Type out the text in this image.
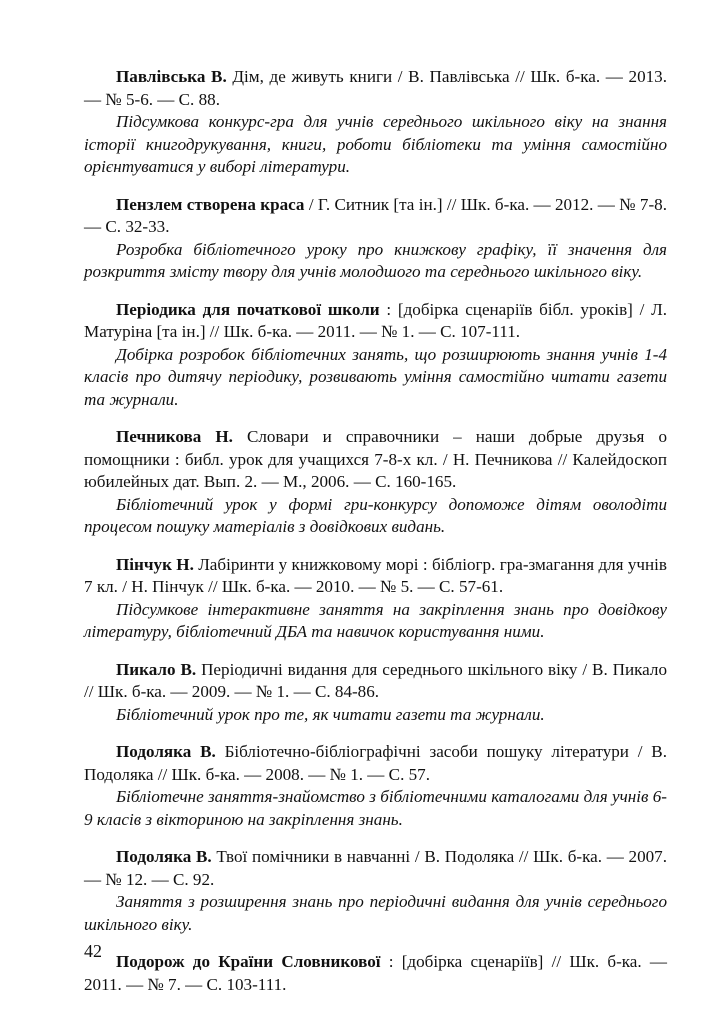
Павлівська В. Дім, де живуть книги / В. Павлівська // Шк. б-ка. — 2013. — № 5-6. — С. 88.

Підсумкова конкурс-гра для учнів середнього шкільного віку на знання історії книгодрукування, книги, роботи бібліотеки та уміння самостійно орієнтуватися у виборі літератури.

Пензлем створена краса / Г. Ситник [та ін.] // Шк. б-ка. — 2012. — № 7-8. — С. 32-33.

Розробка бібліотечного уроку про книжкову графіку, її значення для розкриття змісту твору для учнів молодшого та середнього шкільного віку.

Періодика для початкової школи : [добірка сценаріїв бібл. уроків] / Л. Матуріна [та ін.] // Шк. б-ка. — 2011. — № 1. — С. 107-111.

Добірка розробок бібліотечних занять, що розширюють знання учнів 1-4 класів про дитячу періодику, розвивають уміння самостійно читати газети та журнали.

Печникова Н. Словари и справочники – наши добрые друзья о помощники : библ. урок для учащихся 7-8-х кл. / Н. Печникова // Калейдоскоп юбилейных дат. Вып. 2. — М., 2006. — С. 160-165.

Бібліотечний урок у формі гри-конкурсу допоможе дітям оволодіти процесом пошуку матеріалів з довідкових видань.

Пінчук Н. Лабіринти у книжковому морі : бібліогр. гра-змагання для учнів 7 кл. / Н. Пінчук // Шк. б-ка. — 2010. — № 5. — С. 57-61.

Підсумкове інтерактивне заняття на закріплення знань про довідкову літературу, бібліотечний ДБА та навичок користування ними.

Пикало В. Періодичні видання для середнього шкільного віку / В. Пикало // Шк. б-ка. — 2009. — № 1. — С. 84-86.

Бібліотечний урок про те, як читати газети та журнали.

Подоляка В. Бібліотечно-бібліографічні засоби пошуку літератури / В. Подоляка // Шк. б-ка. — 2008. — № 1. — С. 57.

Бібліотечне заняття-знайомство з бібліотечними каталогами для учнів 6-9 класів з вікториною на закріплення знань.

Подоляка В. Твої помічники в навчанні / В. Подоляка // Шк. б-ка. — 2007. — № 12. — С. 92.

Заняття з розширення знань про періодичні видання для учнів середнього шкільного віку.

Подорож до Країни Словникової : [добірка сценаріїв] // Шк. б-ка. — 2011. — № 7. — С. 103-111.

42
